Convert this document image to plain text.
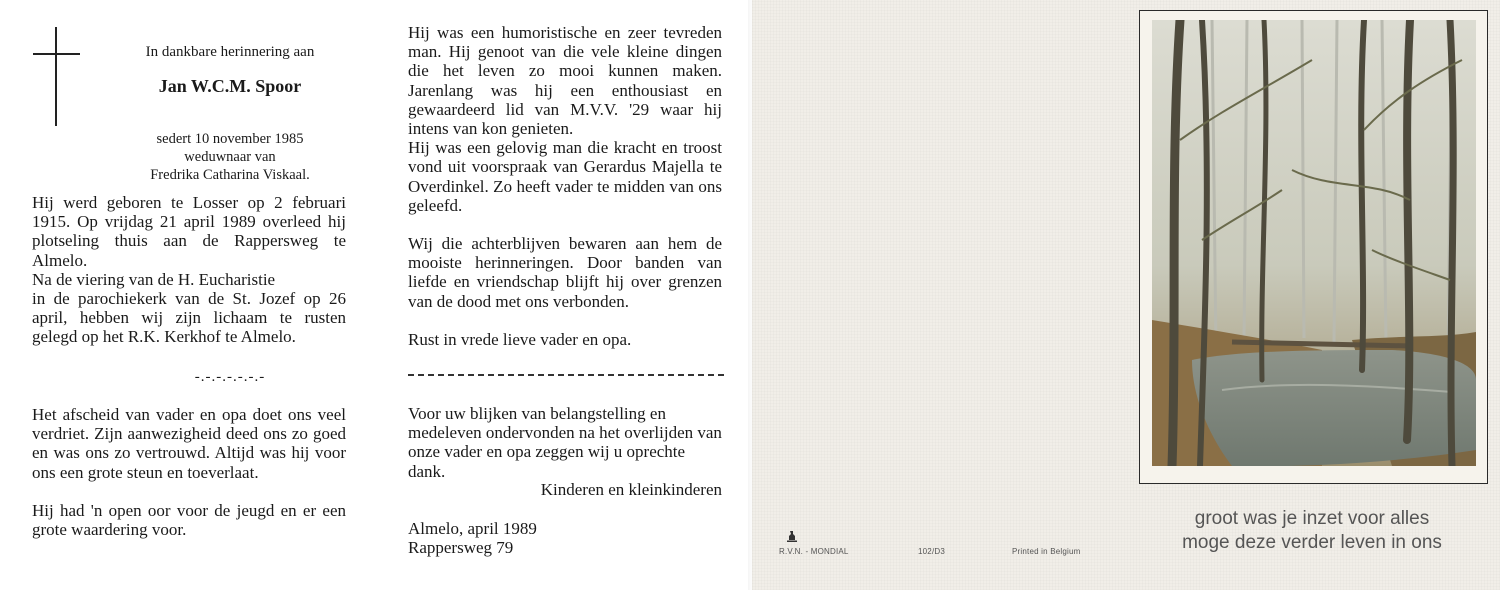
In dankbare herinnering aan
Jan W.C.M. Spoor
sedert 10 november 1985
weduwnaar van
Fredrika Catharina Viskaal.

Hij werd geboren te Losser op 2 februari 1915. Op vrijdag 21 april 1989 overleed hij plotseling thuis aan de Rappersweg te Almelo.

Na de viering van de H. Eucharistie

in de parochiekerk van de St. Jozef op 26 april, hebben wij zijn lichaam te rusten gelegd op het R.K. Kerkhof te Almelo.

-.-.-.-.-.-.-

Het afscheid van vader en opa doet ons veel verdriet. Zijn aanwezigheid deed ons zo goed en was ons zo vertrouwd. Altijd was hij voor ons een grote steun en toeverlaat.

Hij had 'n open oor voor de jeugd en er een grote waardering voor.

Hij was een humoristische en zeer tevreden man. Hij genoot van die vele kleine dingen die het leven zo mooi kunnen maken. Jarenlang was hij een enthousiast en gewaardeerd lid van M.V.V. '29 waar hij intens van kon genieten.

Hij was een gelovig man die kracht en troost vond uit voorspraak van Gerardus Majella te Overdinkel. Zo heeft vader te midden van ons geleefd.

Wij die achterblijven bewaren aan hem de mooiste herinneringen. Door banden van liefde en vriendschap blijft hij over grenzen van de dood met ons verbonden.

Rust in vrede lieve vader en opa.

Voor uw blijken van belangstelling en medeleven ondervonden na het overlijden van onze vader en opa zeggen wij u oprechte dank.
Kinderen en kleinkinderen
Almelo, april 1989
Rappersweg 79
groot was je inzet voor alles
moge deze verder leven in ons
R.V.N. - MONDIAL	102/D3	Printed in Belgium
